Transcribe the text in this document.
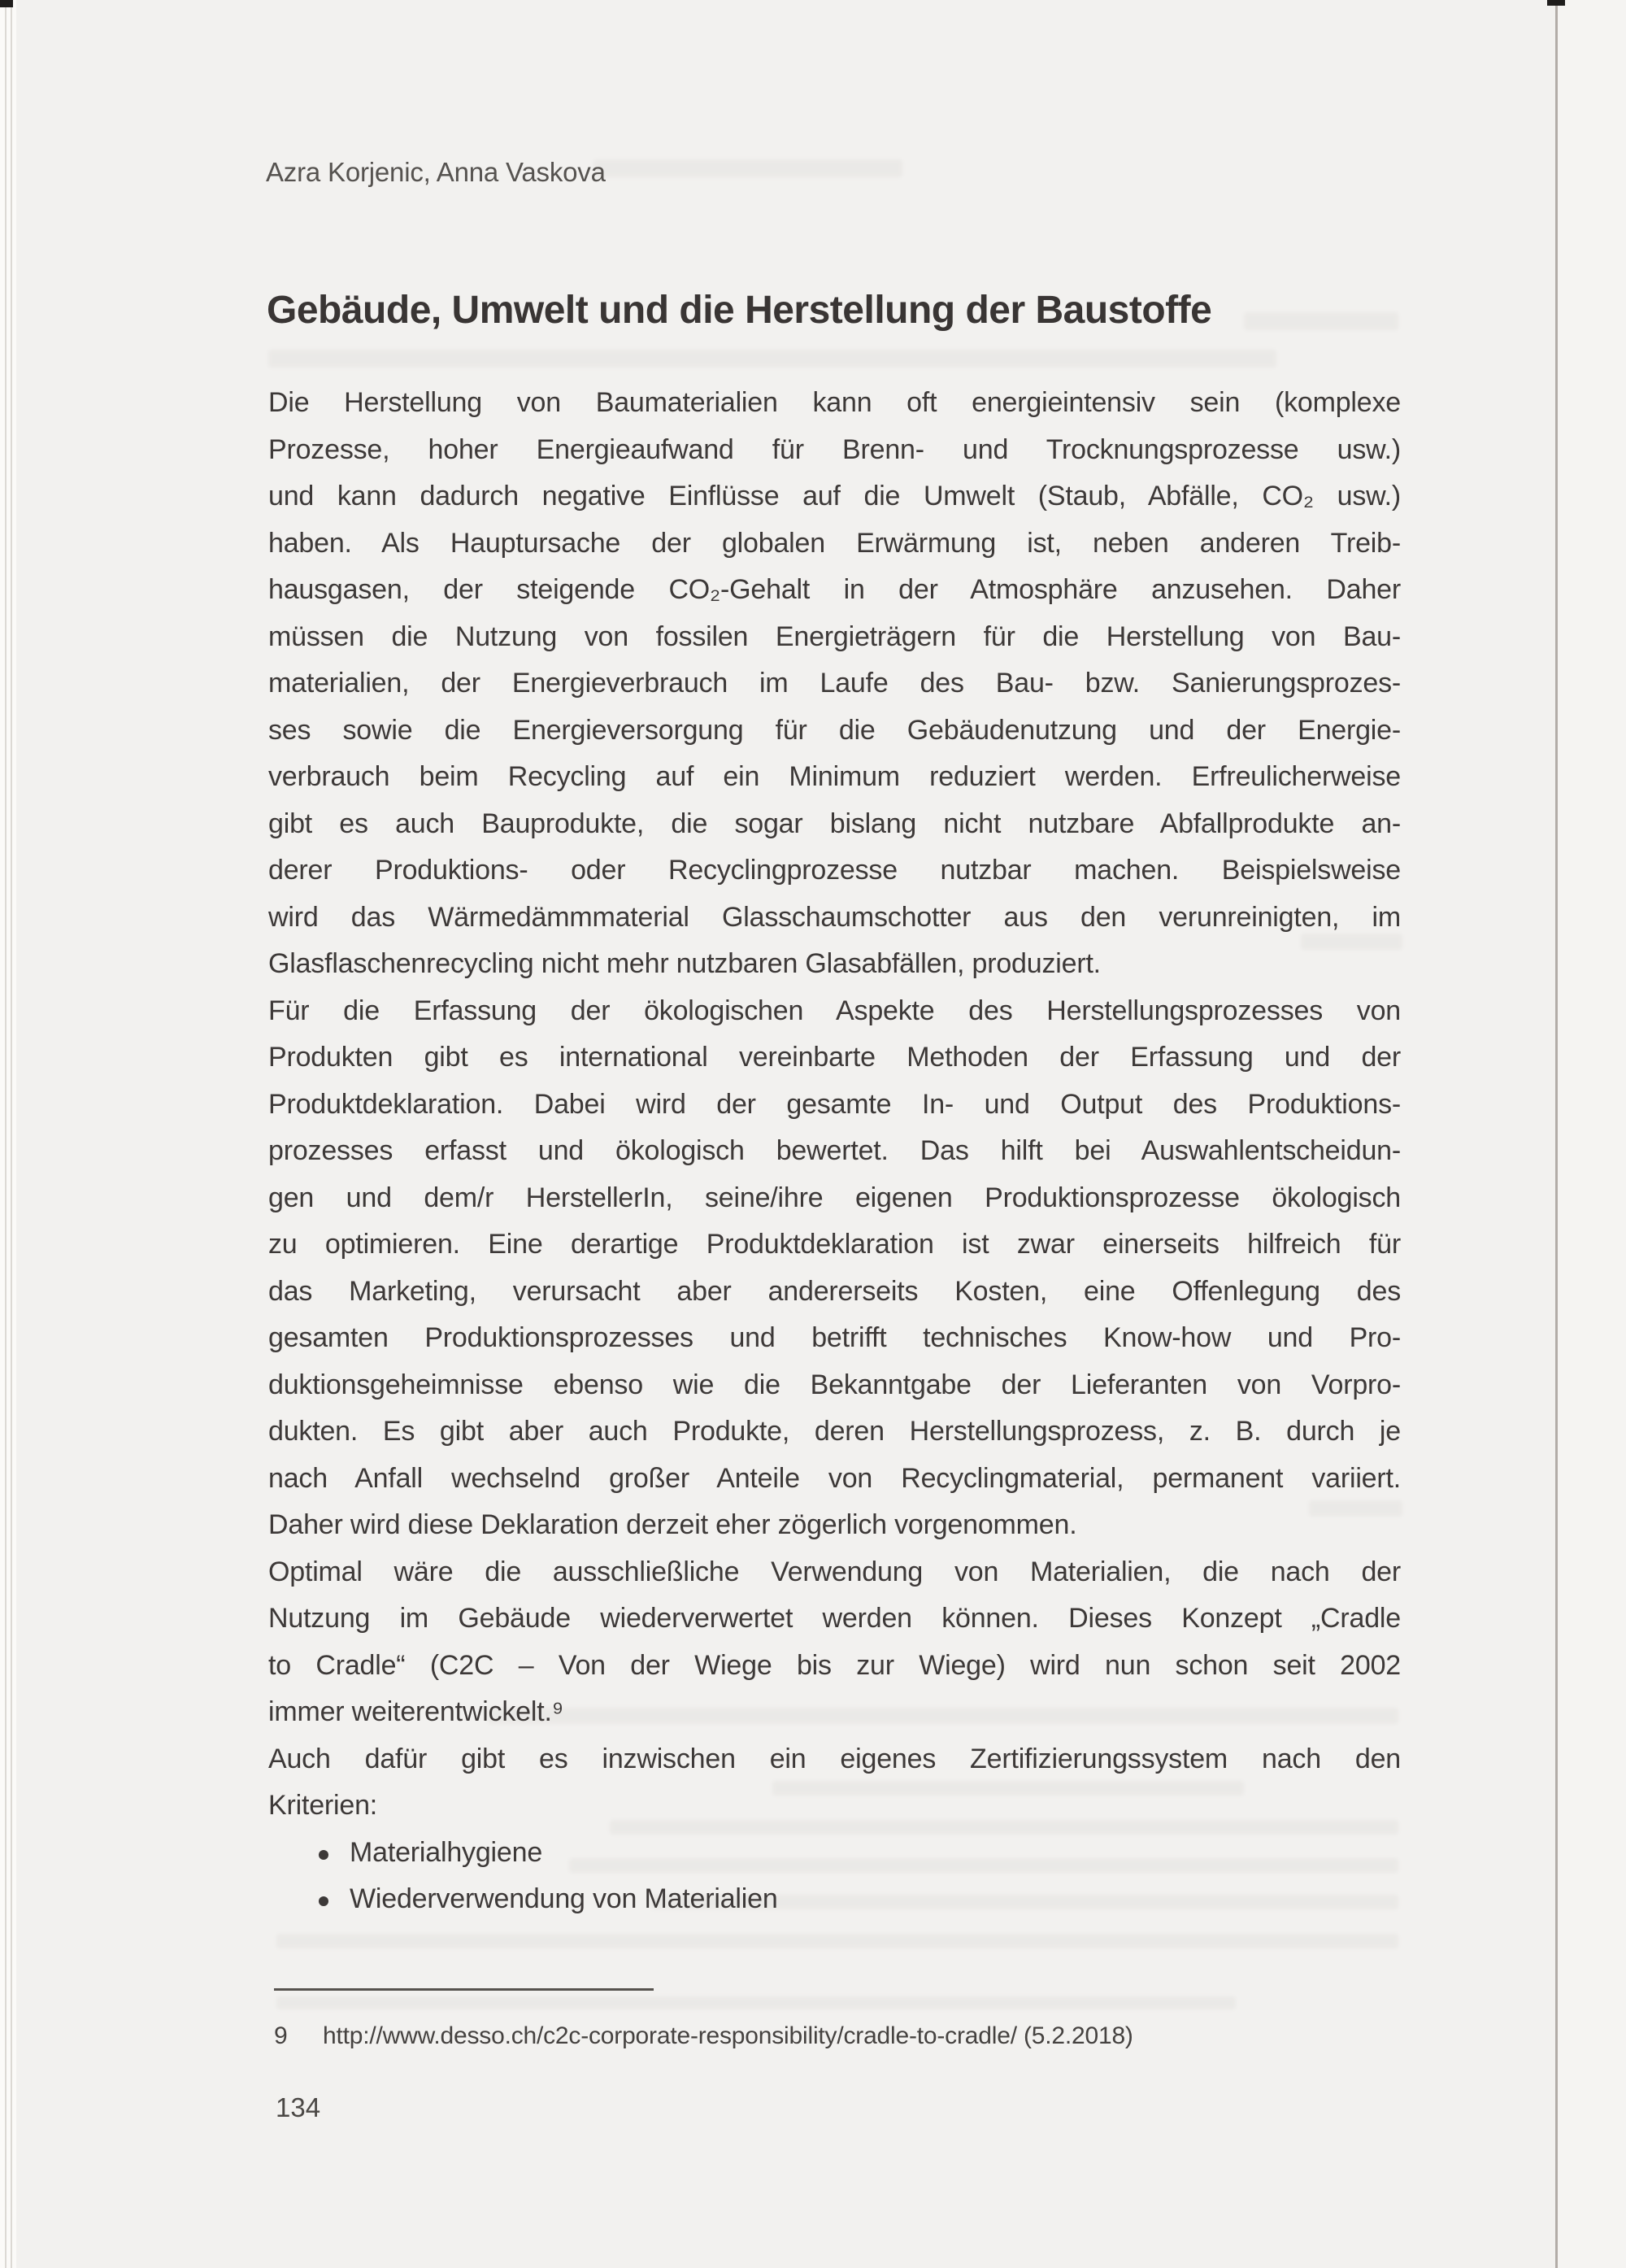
Azra Korjenic, Anna Vaskova
Gebäude, Umwelt und die Herstellung der Baustoffe
Die Herstellung von Baumaterialien kann oft energieintensiv sein (komplexe
Prozesse, hoher Energieaufwand für Brenn- und Trocknungsprozesse usw.)
und kann dadurch negative Einflüsse auf die Umwelt (Staub, Abfälle, CO₂ usw.)
haben. Als Hauptursache der globalen Erwärmung ist, neben anderen Treib-
hausgasen, der steigende CO₂-Gehalt in der Atmosphäre anzusehen. Daher
müssen die Nutzung von fossilen Energieträgern für die Herstellung von Bau-
materialien, der Energieverbrauch im Laufe des Bau- bzw. Sanierungsprozes-
ses sowie die Energieversorgung für die Gebäudenutzung und der Energie-
verbrauch beim Recycling auf ein Minimum reduziert werden. Erfreulicherweise
gibt es auch Bauprodukte, die sogar bislang nicht nutzbare Abfallprodukte an-
derer Produktions- oder Recyclingprozesse nutzbar machen. Beispielsweise
wird das Wärmedämmmaterial Glasschaumschotter aus den verunreinigten, im
Glasflaschenrecycling nicht mehr nutzbaren Glasabfällen, produziert.
Für die Erfassung der ökologischen Aspekte des Herstellungsprozesses von
Produkten gibt es international vereinbarte Methoden der Erfassung und der
Produktdeklaration. Dabei wird der gesamte In- und Output des Produktions-
prozesses erfasst und ökologisch bewertet. Das hilft bei Auswahlentscheidun-
gen und dem/r HerstellerIn, seine/ihre eigenen Produktionsprozesse ökologisch
zu optimieren. Eine derartige Produktdeklaration ist zwar einerseits hilfreich für
das Marketing, verursacht aber andererseits Kosten, eine Offenlegung des
gesamten Produktionsprozesses und betrifft technisches Know-how und Pro-
duktionsgeheimnisse ebenso wie die Bekanntgabe der Lieferanten von Vorpro-
dukten. Es gibt aber auch Produkte, deren Herstellungsprozess, z. B. durch je
nach Anfall wechselnd großer Anteile von Recyclingmaterial, permanent variiert.
Daher wird diese Deklaration derzeit eher zögerlich vorgenommen.
Optimal wäre die ausschließliche Verwendung von Materialien, die nach der
Nutzung im Gebäude wiederverwertet werden können. Dieses Konzept „Cradle
to Cradle“ (C2C – Von der Wiege bis zur Wiege) wird nun schon seit 2002
immer weiterentwickelt.⁹
Auch dafür gibt es inzwischen ein eigenes Zertifizierungssystem nach den
Kriterien:
Materialhygiene
Wiederverwendung von Materialien
9	http://www.desso.ch/c2c-corporate-responsibility/cradle-to-cradle/ (5.2.2018)
134
